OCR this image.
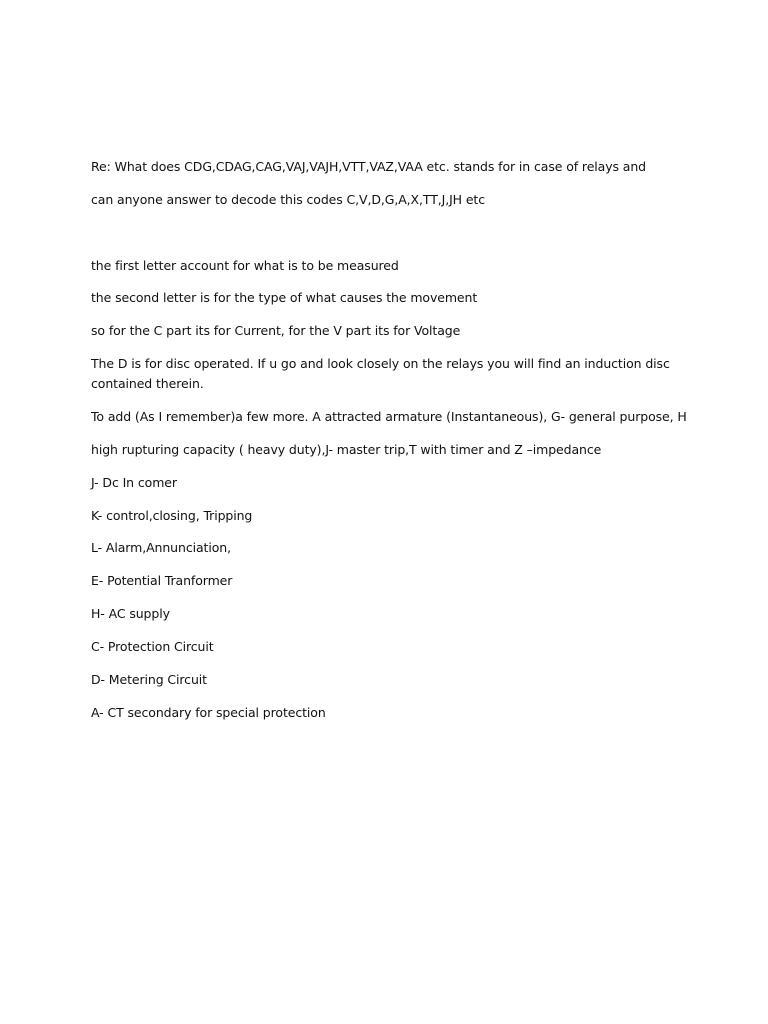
Re: What does CDG,CDAG,CAG,VAJ,VAJH,VTT,VAZ,VAA etc. stands for in case of relays and
can anyone answer to decode this codes C,V,D,G,A,X,TT,J,JH etc
the first letter account for what is to be measured
the second letter is for the type of what causes the movement
so for the C part its for Current, for the V part its for Voltage
The D is for disc operated. If u go and look closely on the relays you will find an induction disc contained therein.
To add (As I remember)a few more. A attracted armature (Instantaneous), G- general purpose, H
high rupturing capacity ( heavy duty),J- master trip,T with timer and Z –impedance
J- Dc In comer
K- control,closing, Tripping
L- Alarm,Annunciation,
E- Potential Tranformer
H- AC supply
C- Protection Circuit
D- Metering Circuit
A- CT secondary for special protection
